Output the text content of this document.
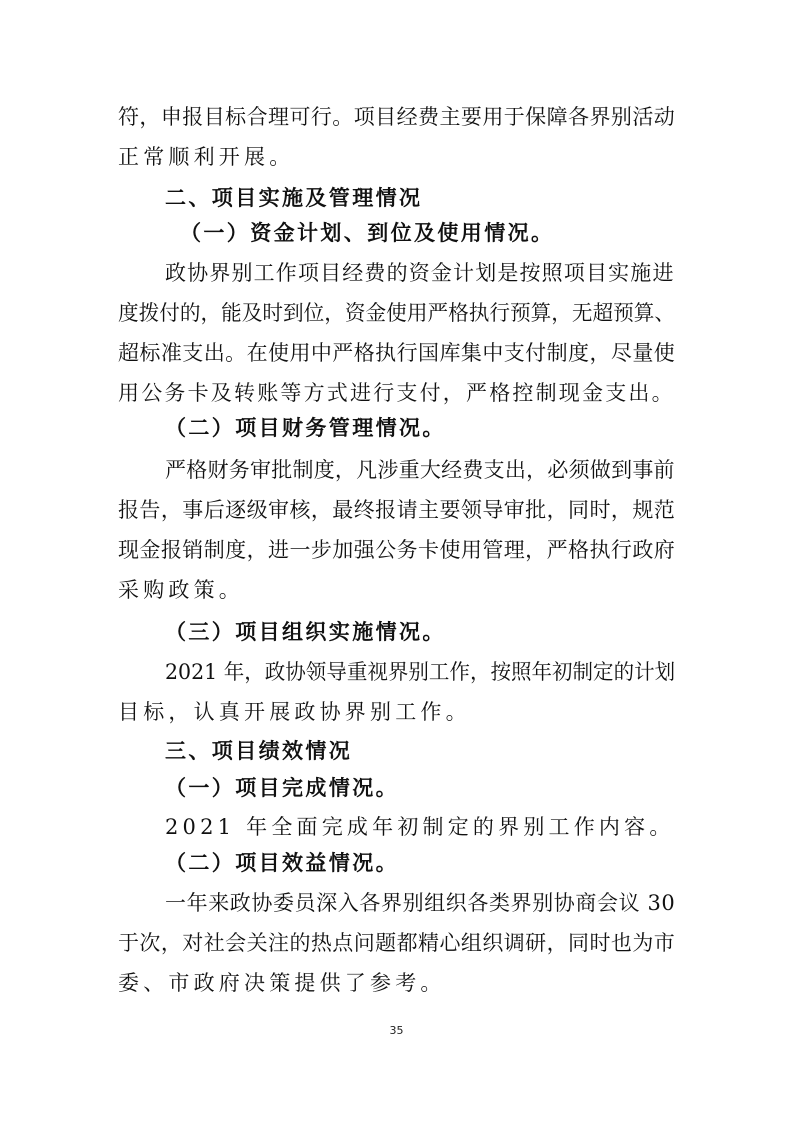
符，申报目标合理可行。项目经费主要用于保障各界别活动
正常顺利开展。
二、项目实施及管理情况
（一）资金计划、到位及使用情况。
政协界别工作项目经费的资金计划是按照项目实施进
度拨付的，能及时到位，资金使用严格执行预算，无超预算、
超标准支出。在使用中严格执行国库集中支付制度，尽量使
用公务卡及转账等方式进行支付，严格控制现金支出。
（二）项目财务管理情况。
严格财务审批制度，凡涉重大经费支出，必须做到事前
报告，事后逐级审核，最终报请主要领导审批，同时，规范
现金报销制度，进一步加强公务卡使用管理，严格执行政府
采购政策。
（三）项目组织实施情况。
2021 年，政协领导重视界别工作，按照年初制定的计划
目标，认真开展政协界别工作。
三、项目绩效情况
（一）项目完成情况。
2021 年全面完成年初制定的界别工作内容。
（二）项目效益情况。
一年来政协委员深入各界别组织各类界别协商会议 30
于次，对社会关注的热点问题都精心组织调研，同时也为市
委、市政府决策提供了参考。
35
